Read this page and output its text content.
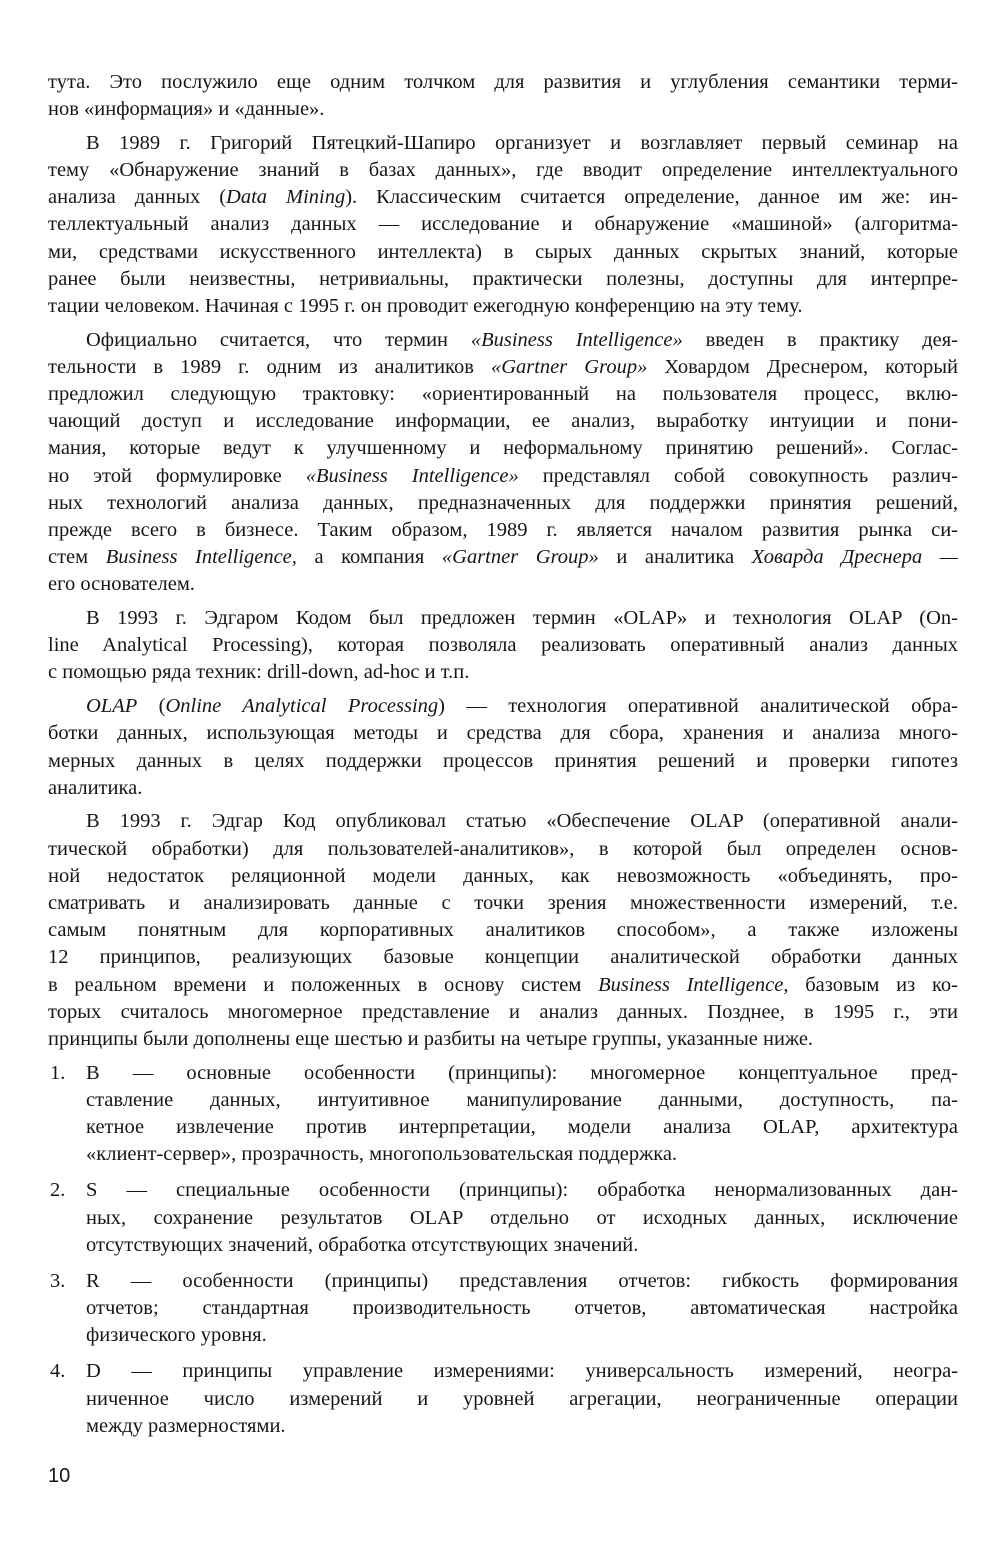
тута. Это послужило еще одним толчком для развития и углубления семантики терми-
нов «информация» и «данные».
В 1989 г. Григорий Пятецкий-Шапиро организует и возглавляет первый семинар на
тему «Обнаружение знаний в базах данных», где вводит определение интеллектуального
анализа данных (Data Mining). Классическим считается определение, данное им же: ин-
теллектуальный анализ данных — исследование и обнаружение «машиной» (алгоритма-
ми, средствами искусственного интеллекта) в сырых данных скрытых знаний, которые
ранее были неизвестны, нетривиальны, практически полезны, доступны для интерпре-
тации человеком. Начиная с 1995 г. он проводит ежегодную конференцию на эту тему.
Официально считается, что термин «Business Intelligence» введен в практику дея-
тельности в 1989 г. одним из аналитиков «Gartner Group» Ховардом Дреснером, который
предложил следующую трактовку: «ориентированный на пользователя процесс, вклю-
чающий доступ и исследование информации, ее анализ, выработку интуиции и пони-
мания, которые ведут к улучшенному и неформальному принятию решений». Соглас-
но этой формулировке «Business Intelligence» представлял собой совокупность различ-
ных технологий анализа данных, предназначенных для поддержки принятия решений,
прежде всего в бизнесе. Таким образом, 1989 г. является началом развития рынка си-
стем Business Intelligence, а компания «Gartner Group» и аналитика Ховарда Дреснера —
его основателем.
В 1993 г. Эдгаром Кодом был предложен термин «OLAP» и технология OLAP (On-
line Analytical Processing), которая позволяла реализовать оперативный анализ данных
с помощью ряда техник: drill-down, ad-hoc и т.п.
OLAP (Online Analytical Processing) — технология оперативной аналитической обра-
ботки данных, использующая методы и средства для сбора, хранения и анализа много-
мерных данных в целях поддержки процессов принятия решений и проверки гипотез
аналитика.
В 1993 г. Эдгар Код опубликовал статью «Обеспечение OLAP (оперативной анали-
тической обработки) для пользователей-аналитиков», в которой был определен основ-
ной недостаток реляционной модели данных, как невозможность «объединять, про-
сматривать и анализировать данные с точки зрения множественности измерений, т.е.
самым понятным для корпоративных аналитиков способом», а также изложены
12 принципов, реализующих базовые концепции аналитической обработки данных
в реальном времени и положенных в основу систем Business Intelligence, базовым из ко-
торых считалось многомерное представление и анализ данных. Позднее, в 1995 г., эти
принципы были дополнены еще шестью и разбиты на четыре группы, указанные ниже.
1. B — основные особенности (принципы): многомерное концептуальное пред-
ставление данных, интуитивное манипулирование данными, доступность, па-
кетное извлечение против интерпретации, модели анализа OLAP, архитектура
«клиент-сервер», прозрачность, многопользовательская поддержка.
2. S — специальные особенности (принципы): обработка ненормализованных дан-
ных, сохранение результатов OLAP отдельно от исходных данных, исключение
отсутствующих значений, обработка отсутствующих значений.
3. R — особенности (принципы) представления отчетов: гибкость формирования
отчетов; стандартная производительность отчетов, автоматическая настройка
физического уровня.
4. D — принципы управление измерениями: универсальность измерений, неогра-
ниченное число измерений и уровней агрегации, неограниченные операции
между размерностями.
10
